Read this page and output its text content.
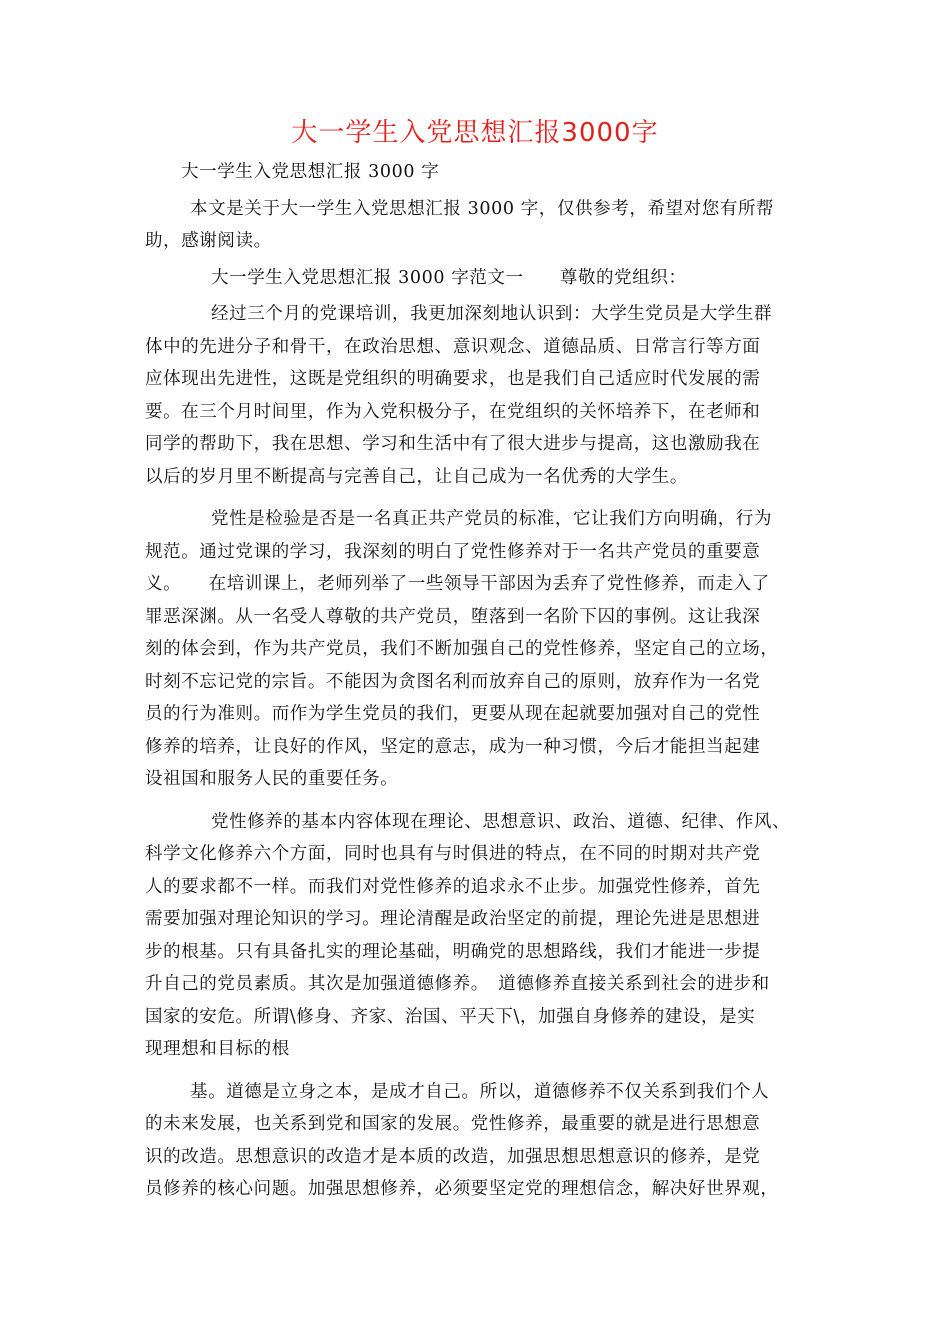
大一学生入党思想汇报3000字
大一学生入党思想汇报 3000 字
本文是关于大一学生入党思想汇报 3000 字，仅供参考，希望对您有所帮
助，感谢阅读。
大一学生入党思想汇报 3000 字范文一　　尊敬的党组织：
经过三个月的党课培训，我更加深刻地认识到：大学生党员是大学生群
体中的先进分子和骨干，在政治思想、意识观念、道德品质、日常言行等方面
应体现出先进性，这既是党组织的明确要求，也是我们自己适应时代发展的需
要。在三个月时间里，作为入党积极分子，在党组织的关怀培养下，在老师和
同学的帮助下，我在思想、学习和生活中有了很大进步与提高，这也激励我在
以后的岁月里不断提高与完善自己，让自己成为一名优秀的大学生。
党性是检验是否是一名真正共产党员的标准，它让我们方向明确，行为
规范。通过党课的学习，我深刻的明白了党性修养对于一名共产党员的重要意
义。　　在培训课上，老师列举了一些领导干部因为丢弃了党性修养，而走入了
罪恶深渊。从一名受人尊敬的共产党员，堕落到一名阶下囚的事例。这让我深
刻的体会到，作为共产党员，我们不断加强自己的党性修养，坚定自己的立场，
时刻不忘记党的宗旨。不能因为贪图名利而放弃自己的原则，放弃作为一名党
员的行为准则。而作为学生党员的我们，更要从现在起就要加强对自己的党性
修养的培养，让良好的作风，坚定的意志，成为一种习惯，今后才能担当起建
设祖国和服务人民的重要任务。
党性修养的基本内容体现在理论、思想意识、政治、道德、纪律、作风、
科学文化修养六个方面，同时也具有与时俱进的特点，在不同的时期对共产党
人的要求都不一样。而我们对党性修养的追求永不止步。加强党性修养，首先
需要加强对理论知识的学习。理论清醒是政治坚定的前提，理论先进是思想进
步的根基。只有具备扎实的理论基础，明确党的思想路线，我们才能进一步提
升自己的党员素质。其次是加强道德修养。　道德修养直接关系到社会的进步和
国家的安危。所谓\修身、齐家、治国、平天下\，加强自身修养的建设，是实
现理想和目标的根
基。道德是立身之本，是成才自己。所以，道德修养不仅关系到我们个人
的未来发展，也关系到党和国家的发展。党性修养，最重要的就是进行思想意
识的改造。思想意识的改造才是本质的改造，加强思想思想意识的修养，是党
员修养的核心问题。加强思想修养，必须要坚定党的理想信念，解决好世界观，
